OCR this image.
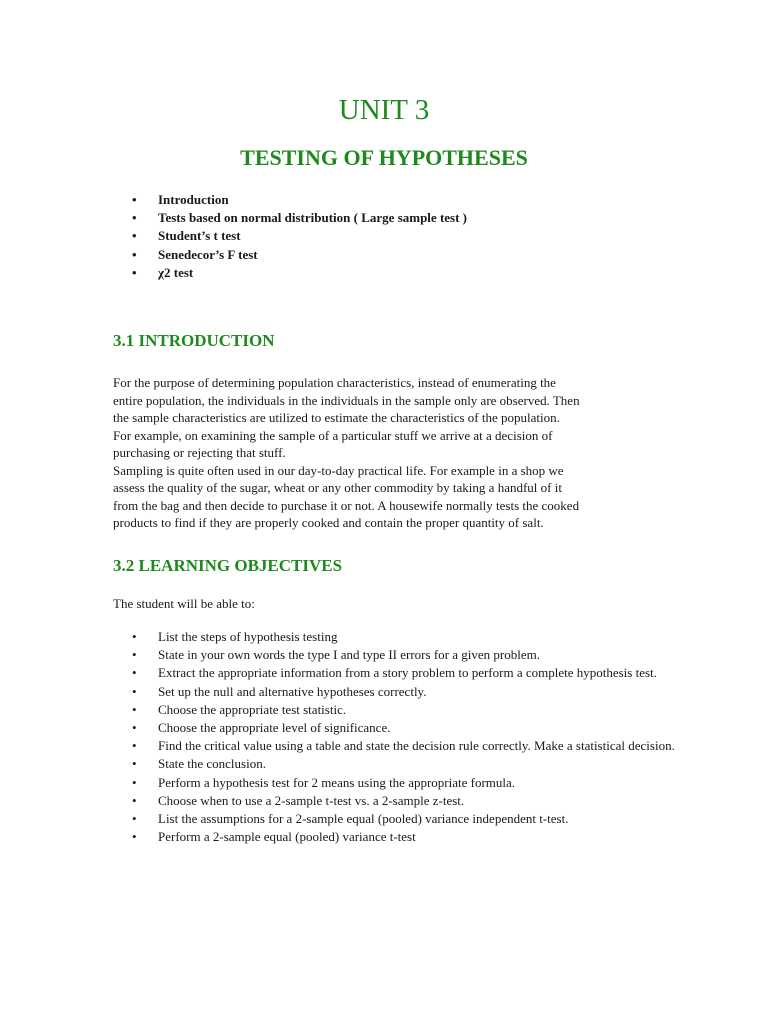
UNIT 3
TESTING OF HYPOTHESES
• Introduction
• Tests based on normal distribution ( Large sample test )
• Student’s t test
• Senedecor’s F test
• χ2 test
3.1 INTRODUCTION
For the purpose of determining population characteristics, instead of enumerating the
entire population, the individuals in the individuals in the sample only are observed. Then
the sample characteristics are utilized to estimate the characteristics of the population.
For example, on examining the sample of a particular stuff we arrive at a decision of
purchasing or rejecting that stuff.
Sampling is quite often used in our day-to-day practical life. For example in a shop we
assess the quality of the sugar, wheat or any other commodity by taking a handful of it
from the bag and then decide to purchase it or not. A housewife normally tests the cooked
products to find if they are properly cooked and contain the proper quantity of salt.
3.2 LEARNING OBJECTIVES

The student will be able to:

• List the steps of hypothesis testing
• State in your own words the type I and type II errors for a given problem.
• Extract the appropriate information from a story problem to perform a complete hypothesis test.
• Set up the null and alternative hypotheses correctly.
• Choose the appropriate test statistic.
• Choose the appropriate level of significance.
• Find the critical value using a table and state the decision rule correctly. Make a statistical decision.
• State the conclusion.
• Perform a hypothesis test for 2 means using the appropriate formula.
• Choose when to use a 2-sample t-test vs. a 2-sample z-test.
• List the assumptions for a 2-sample equal (pooled) variance independent t-test.
• Perform a 2-sample equal (pooled) variance t-test
